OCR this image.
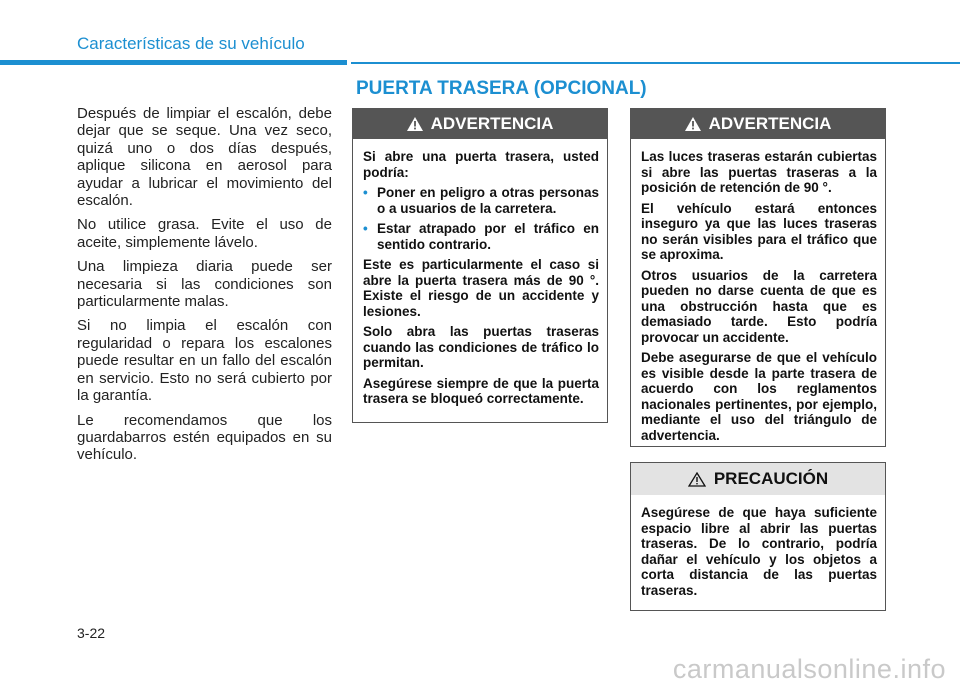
Características de su vehículo
PUERTA TRASERA (OPCIONAL)

Después de limpiar el escalón, debe dejar que se seque. Una vez seco, quizá uno o dos días después, aplique silicona en aerosol para ayudar a lubricar el movimiento del escalón.

No utilice grasa. Evite el uso de aceite, simplemente lávelo.

Una limpieza diaria puede ser necesaria si las condiciones son particularmente malas.

Si no limpia el escalón con regularidad o repara los escalones puede resultar en un fallo del escalón en servicio. Esto no será cubierto por la garantía.

Le recomendamos que los guardabarros estén equipados en su vehículo.

ADVERTENCIA

Si abre una puerta trasera, usted podría:

• Poner en peligro a otras personas o a usuarios de la carretera.
• Estar atrapado por el tráfico en sentido contrario.

Este es particularmente el caso si abre la puerta trasera más de 90 °. Existe el riesgo de un accidente y lesiones.

Solo abra las puertas traseras cuando las condiciones de tráfico lo permitan.

Asegúrese siempre de que la puerta trasera se bloqueó correctamente.

ADVERTENCIA

Las luces traseras estarán cubiertas si abre las puertas traseras a la posición de retención de 90 °.

El vehículo estará entonces inseguro ya que las luces traseras no serán visibles para el tráfico que se aproxima.

Otros usuarios de la carretera pueden no darse cuenta de que es una obstrucción hasta que es demasiado tarde. Esto podría provocar un accidente.

Debe asegurarse de que el vehículo es visible desde la parte trasera de acuerdo con los reglamentos nacionales pertinentes, por ejemplo, mediante el uso del triángulo de advertencia.

PRECAUCIÓN

Asegúrese de que haya suficiente espacio libre al abrir las puertas traseras. De lo contrario, podría dañar el vehículo y los objetos a corta distancia de las puertas traseras.

3-22
carmanualsonline.info
